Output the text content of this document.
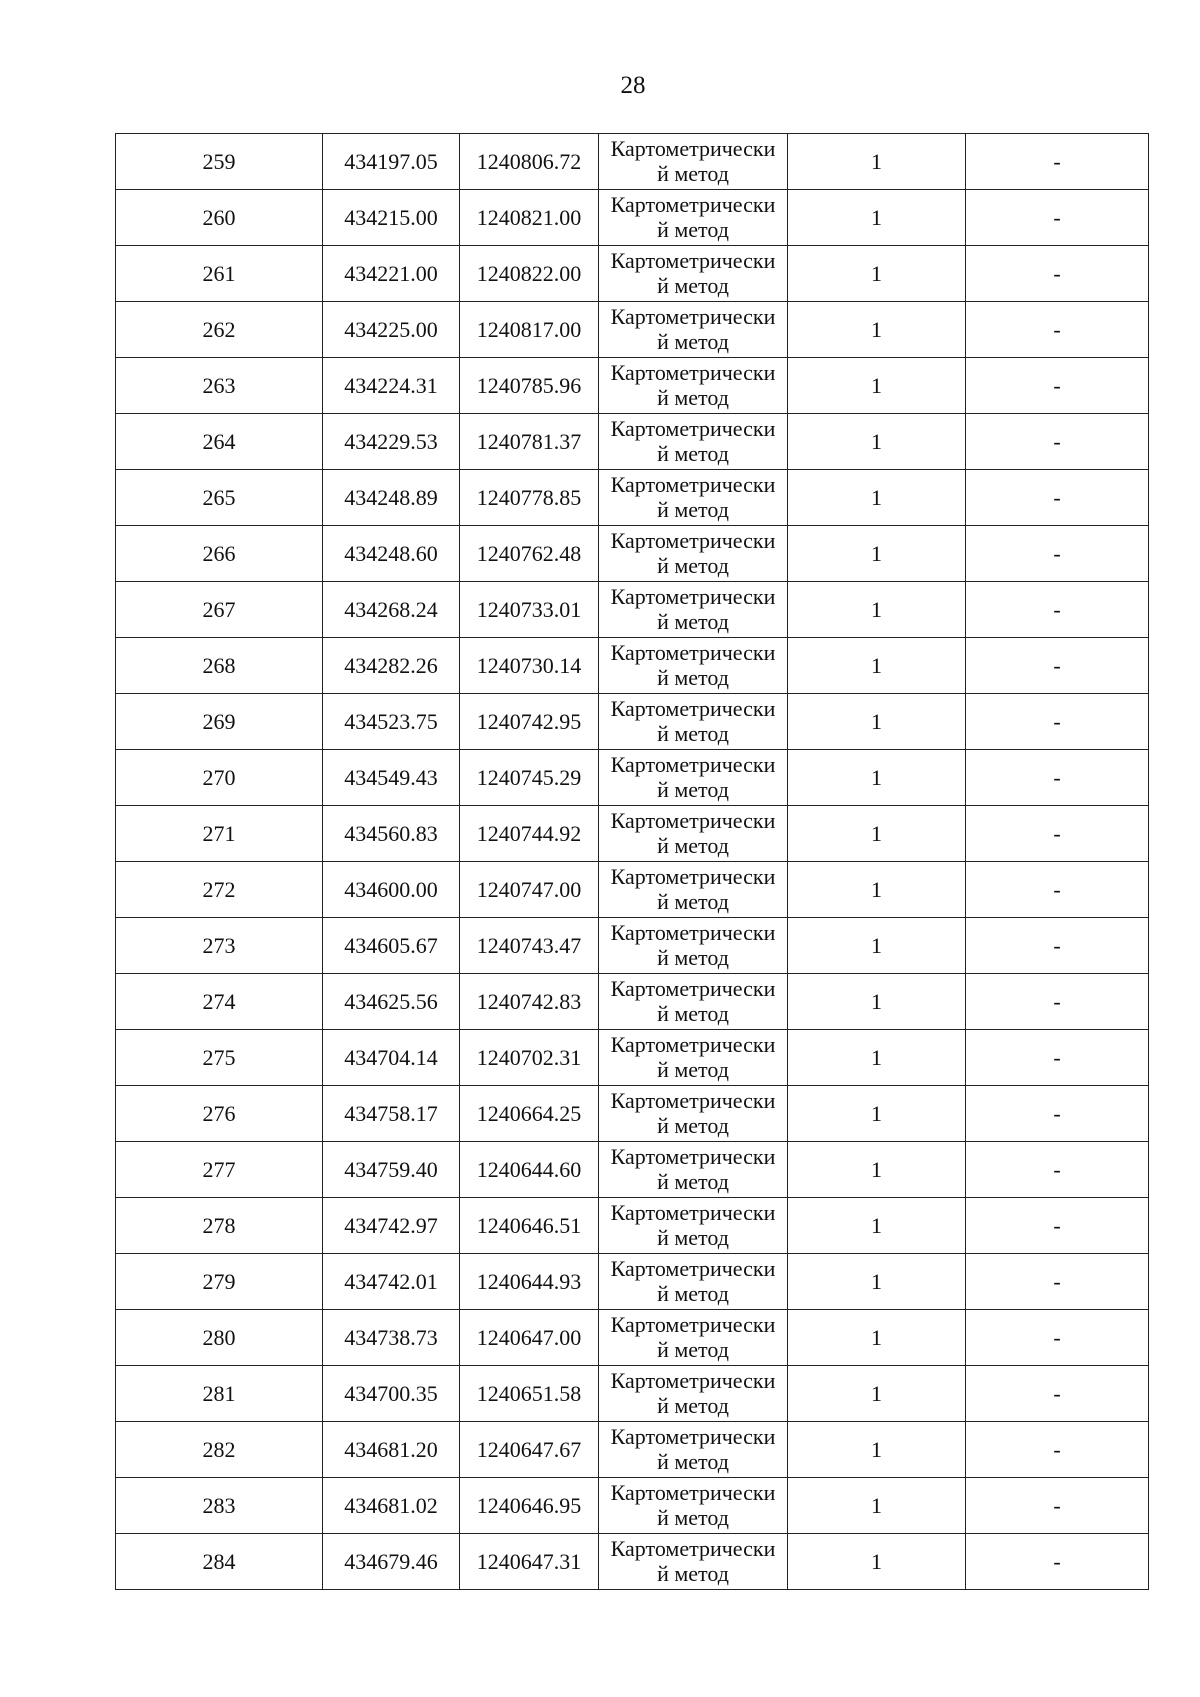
28
259	434197.05	1240806.72	Картометрически
й метод	1	-
260	434215.00	1240821.00	Картометрически
й метод	1	-
261	434221.00	1240822.00	Картометрически
й метод	1	-
262	434225.00	1240817.00	Картометрически
й метод	1	-
263	434224.31	1240785.96	Картометрически
й метод	1	-
264	434229.53	1240781.37	Картометрически
й метод	1	-
265	434248.89	1240778.85	Картометрически
й метод	1	-
266	434248.60	1240762.48	Картометрически
й метод	1	-
267	434268.24	1240733.01	Картометрически
й метод	1	-
268	434282.26	1240730.14	Картометрически
й метод	1	-
269	434523.75	1240742.95	Картометрически
й метод	1	-
270	434549.43	1240745.29	Картометрически
й метод	1	-
271	434560.83	1240744.92	Картометрически
й метод	1	-
272	434600.00	1240747.00	Картометрически
й метод	1	-
273	434605.67	1240743.47	Картометрически
й метод	1	-
274	434625.56	1240742.83	Картометрически
й метод	1	-
275	434704.14	1240702.31	Картометрически
й метод	1	-
276	434758.17	1240664.25	Картометрически
й метод	1	-
277	434759.40	1240644.60	Картометрически
й метод	1	-
278	434742.97	1240646.51	Картометрически
й метод	1	-
279	434742.01	1240644.93	Картометрически
й метод	1	-
280	434738.73	1240647.00	Картометрически
й метод	1	-
281	434700.35	1240651.58	Картометрически
й метод	1	-
282	434681.20	1240647.67	Картометрически
й метод	1	-
283	434681.02	1240646.95	Картометрически
й метод	1	-
284	434679.46	1240647.31	Картометрически
й метод	1	-
